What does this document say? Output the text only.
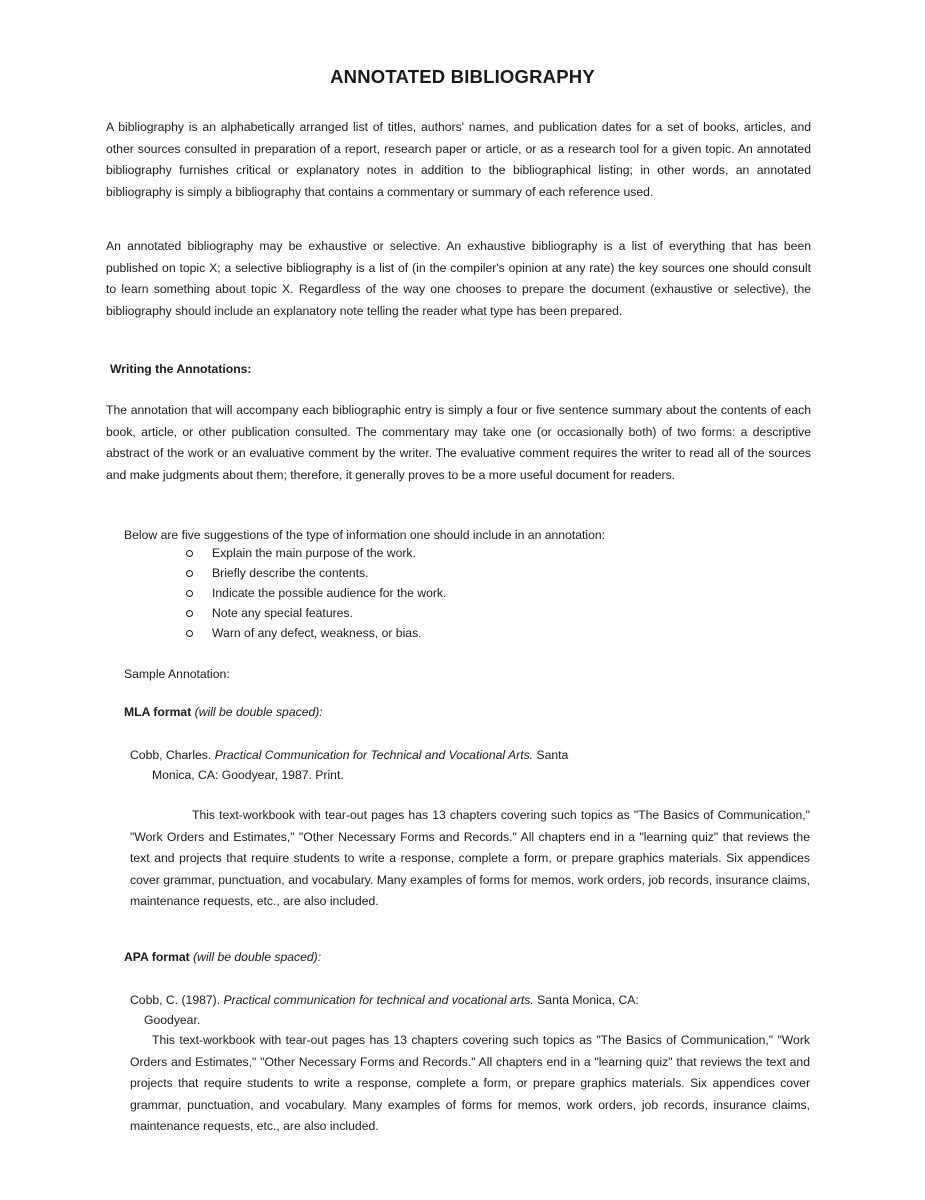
ANNOTATED BIBLIOGRAPHY

A bibliography is an alphabetically arranged list of titles, authors' names, and publication dates for a set of books, articles, and other sources consulted in preparation of a report, research paper or article, or as a research tool for a given topic. An annotated bibliography furnishes critical or explanatory notes in addition to the bibliographical listing; in other words, an annotated bibliography is simply a bibliography that contains a commentary or summary of each reference used.

An annotated bibliography may be exhaustive or selective. An exhaustive bibliography is a list of everything that has been published on topic X; a selective bibliography is a list of (in the compiler's opinion at any rate) the key sources one should consult to learn something about topic X. Regardless of the way one chooses to prepare the document (exhaustive or selective), the bibliography should include an explanatory note telling the reader what type has been prepared.

Writing the Annotations:

The annotation that will accompany each bibliographic entry is simply a four or five sentence summary about the contents of each book, article, or other publication consulted. The commentary may take one (or occasionally both) of two forms: a descriptive abstract of the work or an evaluative comment by the writer. The evaluative comment requires the writer to read all of the sources and make judgments about them; therefore, it generally proves to be a more useful document for readers.

Below are five suggestions of the type of information one should include in an annotation:

Explain the main purpose of the work.
Briefly describe the contents.
Indicate the possible audience for the work.
Note any special features.
Warn of any defect, weakness, or bias.

Sample Annotation:

MLA format (will be double spaced):

Cobb, Charles. Practical Communication for Technical and Vocational Arts. Santa
Monica, CA: Goodyear, 1987. Print.

This text-workbook with tear-out pages has 13 chapters covering such topics as "The Basics of Communication," "Work Orders and Estimates," "Other Necessary Forms and Records." All chapters end in a "learning quiz" that reviews the text and projects that require students to write a response, complete a form, or prepare graphics materials. Six appendices cover grammar, punctuation, and vocabulary. Many examples of forms for memos, work orders, job records, insurance claims, maintenance requests, etc., are also included.

APA format (will be double spaced):

Cobb, C. (1987). Practical communication for technical and vocational arts. Santa Monica, CA:
Goodyear.

This text-workbook with tear-out pages has 13 chapters covering such topics as "The Basics of Communication," "Work Orders and Estimates," "Other Necessary Forms and Records." All chapters end in a "learning quiz" that reviews the text and projects that require students to write a response, complete a form, or prepare graphics materials. Six appendices cover grammar, punctuation, and vocabulary. Many examples of forms for memos, work orders, job records, insurance claims, maintenance requests, etc., are also included.
